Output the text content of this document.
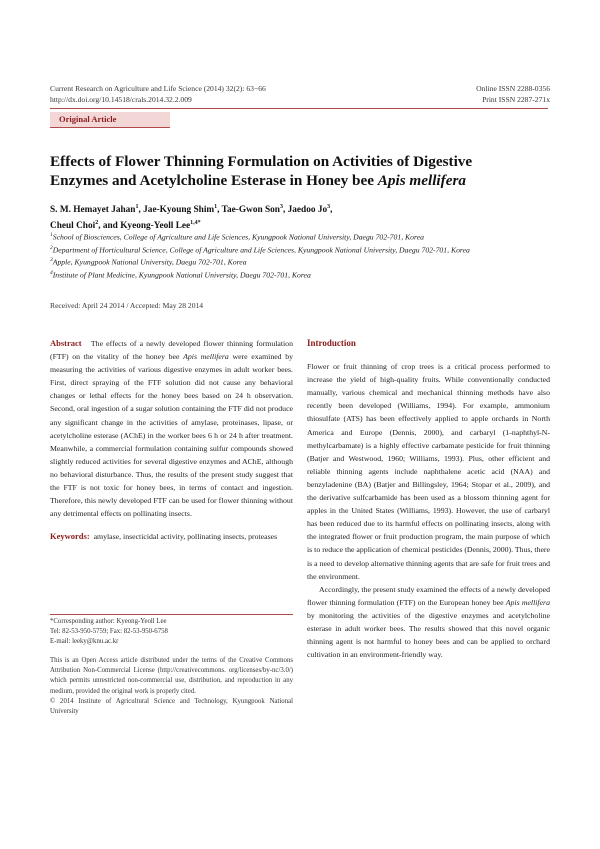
Current Research on Agriculture and Life Science (2014) 32(2): 63−66
http://dx.doi.org/10.14518/crals.2014.32.2.009
Online ISSN 2288-0356
Print ISSN 2287-271x
Original Article
Effects of Flower Thinning Formulation on Activities of Digestive
Enzymes and Acetylcholine Esterase in Honey bee Apis mellifera
S. M. Hemayet Jahan$^1$, Jae-Kyoung Shim$^1$, Tae-Gwon Son$^3$, Jaedoo Jo$^3$,
Cheul Choi$^2$, and Kyeong-Yeoll Lee$^{1,4*}$
$^1$School of Biosciences, College of Agriculture and Life Sciences, Kyungpook National University, Daegu 702-701, Korea
$^2$Department of Horticultural Science, College of Agriculture and Life Sciences, Kyungpook National University, Daegu 702-701, Korea
$^3$Apple, Kyungpook National University, Daegu 702-701, Korea
$^4$Institute of Plant Medicine, Kyungpook National University, Daegu 702-701, Korea
Received: April 24 2014 / Accepted: May 28 2014

Abstract The effects of a newly developed flower thinning formulation (FTF) on the vitality of the honey bee Apis mellifera were examined by measuring the activities of various digestive enzymes in adult worker bees. First, direct spraying of the FTF solution did not cause any behavioral changes or lethal effects for the honey bees based on 24 h observation. Second, oral ingestion of a sugar solution containing the FTF did not produce any significant change in the activities of amylase, proteinases, lipase, or acetylcholine esterase (AChE) in the worker bees 6 h or 24 h after treatment. Meanwhile, a commercial formulation containing sulfur compounds showed slightly reduced activities for several digestive enzymes and AChE, although no behavioral disturbance. Thus, the results of the present study suggest that the FTF is not toxic for honey bees, in terms of contact and ingestion. Therefore, this newly developed FTF can be used for flower thinning without any detrimental effects on pollinating insects.

Keywords: amylase, insecticidal activity, pollinating insects, proteases

*Corresponding author: Kyeong-Yeoll Lee
Tel: 82-53-950-5759; Fax: 82-53-950-6758
E-mail: leeky@knu.ac.kr
This is an Open Access article distributed under the terms of the Creative Commons Attribution Non-Commercial License (http://creativecommons. org/licenses/by-nc/3.0/) which permits unrestricted non-commercial use, distribution, and reproduction in any medium, provided the original work is properly cited.
© 2014 Institute of Agricultural Science and Technology, Kyungpook National University
Introduction

Flower or fruit thinning of crop trees is a critical process performed to increase the yield of high-quality fruits. While conventionally conducted manually, various chemical and mechanical thinning methods have also recently been developed (Williams, 1994). For example, ammonium thiosulfate (ATS) has been effectively applied to apple orchards in North America and Europe (Dennis, 2000), and carbaryl (1-naphthyl-N-methylcarbamate) is a highly effective carbamate pesticide for fruit thinning (Batjer and Westwood, 1960; Williams, 1993). Plus, other efficient and reliable thinning agents include naphthalene acetic acid (NAA) and benzyladenine (BA) (Batjer and Billingsley, 1964; Stopar et al., 2009), and the derivative sulfcarbamide has been used as a blossom thinning agent for apples in the United States (Williams, 1993). However, the use of carbaryl has been reduced due to its harmful effects on pollinating insects, along with the integrated flower or fruit production program, the main purpose of which is to reduce the application of chemical pesticides (Dennis, 2000). Thus, there is a need to develop alternative thinning agents that are safe for fruit trees and the environment.

Accordingly, the present study examined the effects of a newly developed flower thinning formulation (FTF) on the European honey bee Apis mellifera by monitoring the activities of the digestive enzymes and acetylcholine esterase in adult worker bees. The results showed that this novel organic thinning agent is not harmful to honey bees and can be applied to orchard cultivation in an environment-friendly way.
